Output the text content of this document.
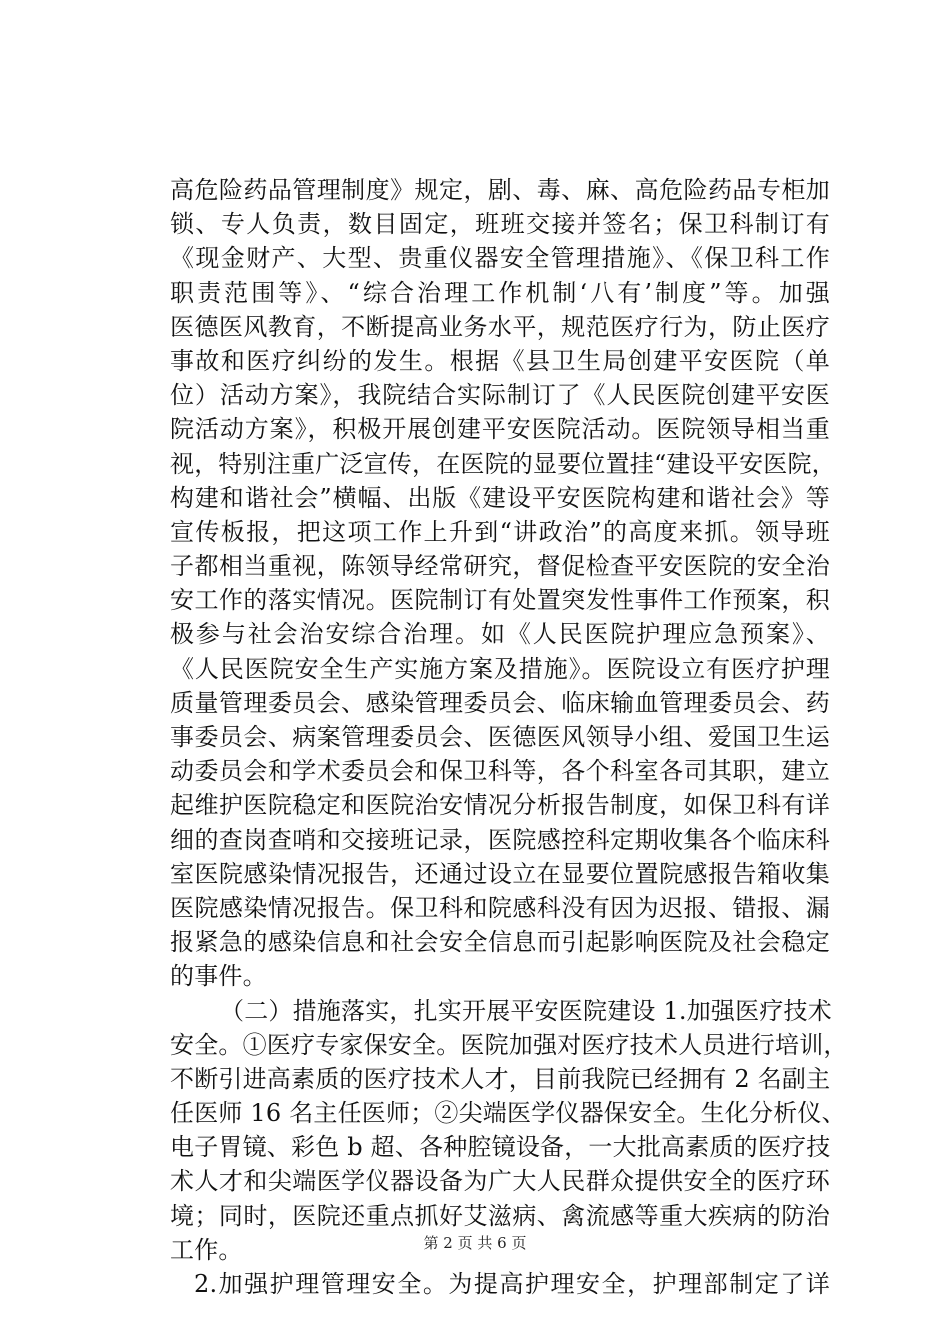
高危险药品管理制度》规定，剧、毒、麻、高危险药品专柜加
锁、专人负责，数目固定，班班交接并签名；保卫科制订有
《现金财产、大型、贵重仪器安全管理措施》、《保卫科工作
职责范围等》、“综合治理工作机制‘八有’制度”等。加强
医德医风教育，不断提高业务水平，规范医疗行为，防止医疗
事故和医疗纠纷的发生。根据《县卫生局创建平安医院（单
位）活动方案》，我院结合实际制订了《人民医院创建平安医
院活动方案》，积极开展创建平安医院活动。医院领导相当重
视，特别注重广泛宣传，在医院的显要位置挂“建设平安医院，
构建和谐社会”横幅、出版《建设平安医院构建和谐社会》等
宣传板报，把这项工作上升到“讲政治”的高度来抓。领导班
子都相当重视，陈领导经常研究，督促检查平安医院的安全治
安工作的落实情况。医院制订有处置突发性事件工作预案，积
极参与社会治安综合治理。如《人民医院护理应急预案》、
《人民医院安全生产实施方案及措施》。医院设立有医疗护理
质量管理委员会、感染管理委员会、临床输血管理委员会、药
事委员会、病案管理委员会、医德医风领导小组、爱国卫生运
动委员会和学术委员会和保卫科等，各个科室各司其职，建立
起维护医院稳定和医院治安情况分析报告制度，如保卫科有详
细的查岗查哨和交接班记录，医院感控科定期收集各个临床科
室医院感染情况报告，还通过设立在显要位置院感报告箱收集
医院感染情况报告。保卫科和院感科没有因为迟报、错报、漏
报紧急的感染信息和社会安全信息而引起影响医院及社会稳定
的事件。
（二）措施落实，扎实开展平安医院建设 1.加强医疗技术
安全。①医疗专家保安全。医院加强对医疗技术人员进行培训，
不断引进高素质的医疗技术人才，目前我院已经拥有 2 名副主
任医师 16 名主任医师；②尖端医学仪器保安全。生化分析仪、
电子胃镜、彩色 b 超、各种腔镜设备，一大批高素质的医疗技
术人才和尖端医学仪器设备为广大人民群众提供安全的医疗环
境；同时，医院还重点抓好艾滋病、禽流感等重大疾病的防治
工作。
2.加强护理管理安全。为提高护理安全，护理部制定了详
第 2 页 共 6 页
